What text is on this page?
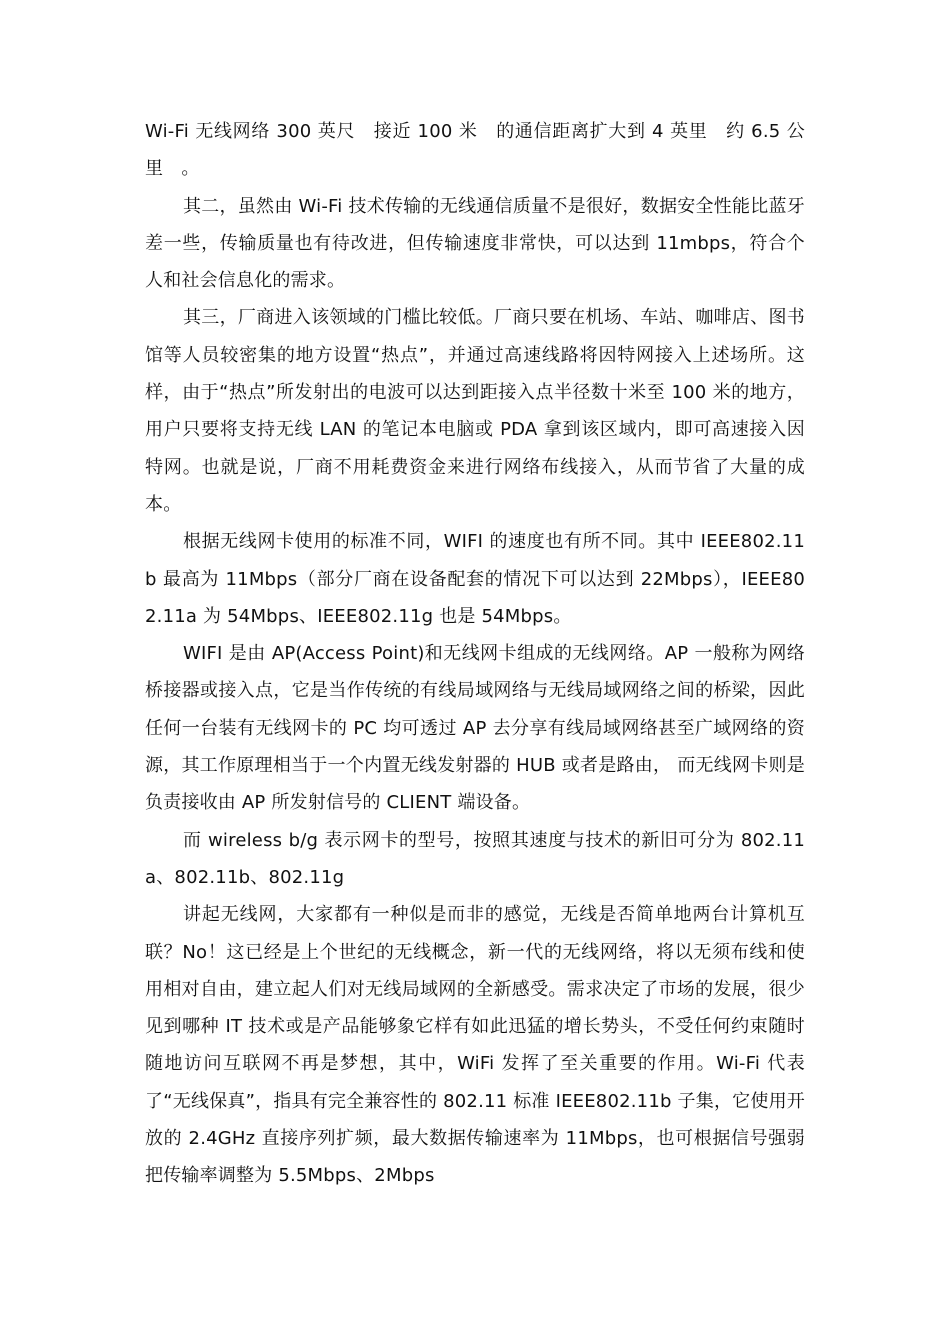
Wi-Fi 无线网络 300 英尺　接近 100 米　的通信距离扩大到 4 英里　约 6.5 公里　。

其二，虽然由 Wi-Fi 技术传输的无线通信质量不是很好，数据安全性能比蓝牙差一些，传输质量也有待改进，但传输速度非常快，可以达到 11mbps，符合个人和社会信息化的需求。

其三，厂商进入该领域的门槛比较低。厂商只要在机场、车站、咖啡店、图书馆等人员较密集的地方设置“热点”，并通过高速线路将因特网接入上述场所。这样，由于“热点”所发射出的电波可以达到距接入点半径数十米至 100 米的地方，用户只要将支持无线 LAN 的笔记本电脑或 PDA 拿到该区域内，即可高速接入因特网。也就是说，厂商不用耗费资金来进行网络布线接入，从而节省了大量的成本。

根据无线网卡使用的标准不同，WIFI 的速度也有所不同。其中 IEEE802.11b 最高为 11Mbps（部分厂商在设备配套的情况下可以达到 22Mbps），IEEE802.11a 为 54Mbps、IEEE802.11g 也是 54Mbps。

WIFI 是由 AP(Access Point)和无线网卡组成的无线网络。AP 一般称为网络桥接器或接入点，它是当作传统的有线局域网络与无线局域网络之间的桥梁，因此任何一台装有无线网卡的 PC 均可透过 AP 去分享有线局域网络甚至广域网络的资源，其工作原理相当于一个内置无线发射器的 HUB 或者是路由， 而无线网卡则是负责接收由 AP 所发射信号的 CLIENT 端设备。

而 wireless b/g 表示网卡的型号，按照其速度与技术的新旧可分为 802.11a、802.11b、802.11g

讲起无线网，大家都有一种似是而非的感觉，无线是否简单地两台计算机互联？No！这已经是上个世纪的无线概念，新一代的无线网络，将以无须布线和使用相对自由，建立起人们对无线局域网的全新感受。需求决定了市场的发展，很少见到哪种 IT 技术或是产品能够象它样有如此迅猛的增长势头，不受任何约束随时随地访问互联网不再是梦想，其中，WiFi 发挥了至关重要的作用。Wi-Fi 代表了“无线保真”，指具有完全兼容性的 802.11 标准 IEEE802.11b 子集，它使用开放的 2.4GHz 直接序列扩频，最大数据传输速率为 11Mbps，也可根据信号强弱把传输率调整为 5.5Mbps、2Mbps
